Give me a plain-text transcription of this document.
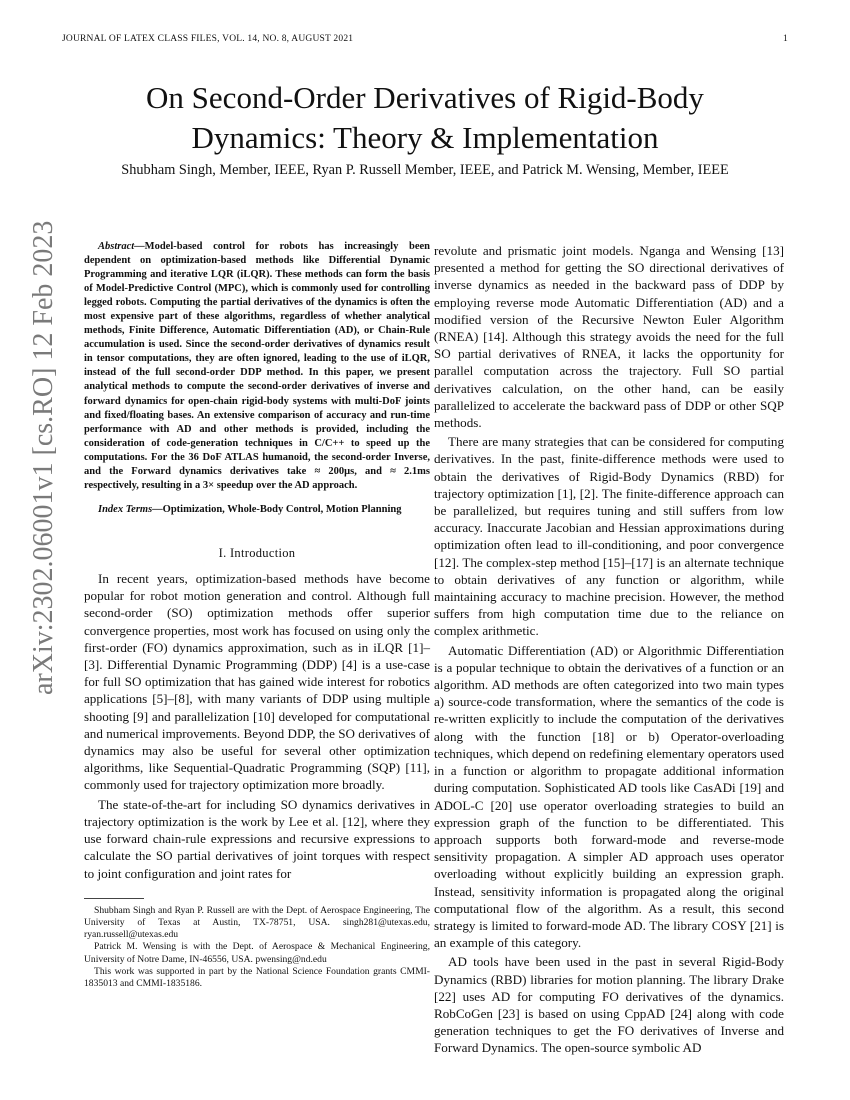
JOURNAL OF LATEX CLASS FILES, VOL. 14, NO. 8, AUGUST 2021	1
arXiv:2302.06001v1 [cs.RO] 12 Feb 2023
On Second-Order Derivatives of Rigid-Body Dynamics: Theory & Implementation
Shubham Singh, Member, IEEE, Ryan P. Russell Member, IEEE, and Patrick M. Wensing, Member, IEEE

Abstract—Model-based control for robots has increasingly been dependent on optimization-based methods like Differential Dynamic Programming and iterative LQR (iLQR). These methods can form the basis of Model-Predictive Control (MPC), which is commonly used for controlling legged robots. Computing the partial derivatives of the dynamics is often the most expensive part of these algorithms, regardless of whether analytical methods, Finite Difference, Automatic Differentiation (AD), or Chain-Rule accumulation is used. Since the second-order derivatives of dynamics result in tensor computations, they are often ignored, leading to the use of iLQR, instead of the full second-order DDP method. In this paper, we present analytical methods to compute the second-order derivatives of inverse and forward dynamics for open-chain rigid-body systems with multi-DoF joints and fixed/floating bases. An extensive comparison of accuracy and run-time performance with AD and other methods is provided, including the consideration of code-generation techniques in C/C++ to speed up the computations. For the 36 DoF ATLAS humanoid, the second-order Inverse, and the Forward dynamics derivatives take ≈ 200μs, and ≈ 2.1ms respectively, resulting in a 3× speedup over the AD approach.

Index Terms—Optimization, Whole-Body Control, Motion Planning

I. Introduction

In recent years, optimization-based methods have become popular for robot motion generation and control. Although full second-order (SO) optimization methods offer superior convergence properties, most work has focused on using only the first-order (FO) dynamics approximation, such as in iLQR [1]–[3]. Differential Dynamic Programming (DDP) [4] is a use-case for full SO optimization that has gained wide interest for robotics applications [5]–[8], with many variants of DDP using multiple shooting [9] and parallelization [10] developed for computational and numerical improvements. Beyond DDP, the SO derivatives of dynamics may also be useful for several other optimization algorithms, like Sequential-Quadratic Programming (SQP) [11], commonly used for trajectory optimization more broadly.

The state-of-the-art for including SO dynamics derivatives in trajectory optimization is the work by Lee et al. [12], where they use forward chain-rule expressions and recursive expressions to calculate the SO partial derivatives of joint torques with respect to joint configuration and joint rates for

Shubham Singh and Ryan P. Russell are with the Dept. of Aerospace Engineering, The University of Texas at Austin, TX-78751, USA. singh281@utexas.edu, ryan.russell@utexas.edu

Patrick M. Wensing is with the Dept. of Aerospace & Mechanical Engineering, University of Notre Dame, IN-46556, USA. pwensing@nd.edu

This work was supported in part by the National Science Foundation grants CMMI-1835013 and CMMI-1835186.

revolute and prismatic joint models. Nganga and Wensing [13] presented a method for getting the SO directional derivatives of inverse dynamics as needed in the backward pass of DDP by employing reverse mode Automatic Differentiation (AD) and a modified version of the Recursive Newton Euler Algorithm (RNEA) [14]. Although this strategy avoids the need for the full SO partial derivatives of RNEA, it lacks the opportunity for parallel computation across the trajectory. Full SO partial derivatives calculation, on the other hand, can be easily parallelized to accelerate the backward pass of DDP or other SQP methods.

There are many strategies that can be considered for computing derivatives. In the past, finite-difference methods were used to obtain the derivatives of Rigid-Body Dynamics (RBD) for trajectory optimization [1], [2]. The finite-difference approach can be parallelized, but requires tuning and still suffers from low accuracy. Inaccurate Jacobian and Hessian approximations during optimization often lead to ill-conditioning, and poor convergence [12]. The complex-step method [15]–[17] is an alternate technique to obtain derivatives of any function or algorithm, while maintaining accuracy to machine precision. However, the method suffers from high computation time due to the reliance on complex arithmetic.

Automatic Differentiation (AD) or Algorithmic Differentiation is a popular technique to obtain the derivatives of a function or an algorithm. AD methods are often categorized into two main types a) source-code transformation, where the semantics of the code is re-written explicitly to include the computation of the derivatives along with the function [18] or b) Operator-overloading techniques, which depend on redefining elementary operators used in a function or algorithm to propagate additional information during computation. Sophisticated AD tools like CasADi [19] and ADOL-C [20] use operator overloading strategies to build an expression graph of the function to be differentiated. This approach supports both forward-mode and reverse-mode sensitivity propagation. A simpler AD approach uses operator overloading without explicitly building an expression graph. Instead, sensitivity information is propagated along the original computational flow of the algorithm. As a result, this second strategy is limited to forward-mode AD. The library COSY [21] is an example of this category.

AD tools have been used in the past in several Rigid-Body Dynamics (RBD) libraries for motion planning. The library Drake [22] uses AD for computing FO derivatives of the dynamics. RobCoGen [23] is based on using CppAD [24] along with code generation techniques to get the FO derivatives of Inverse and Forward Dynamics. The open-source symbolic AD
